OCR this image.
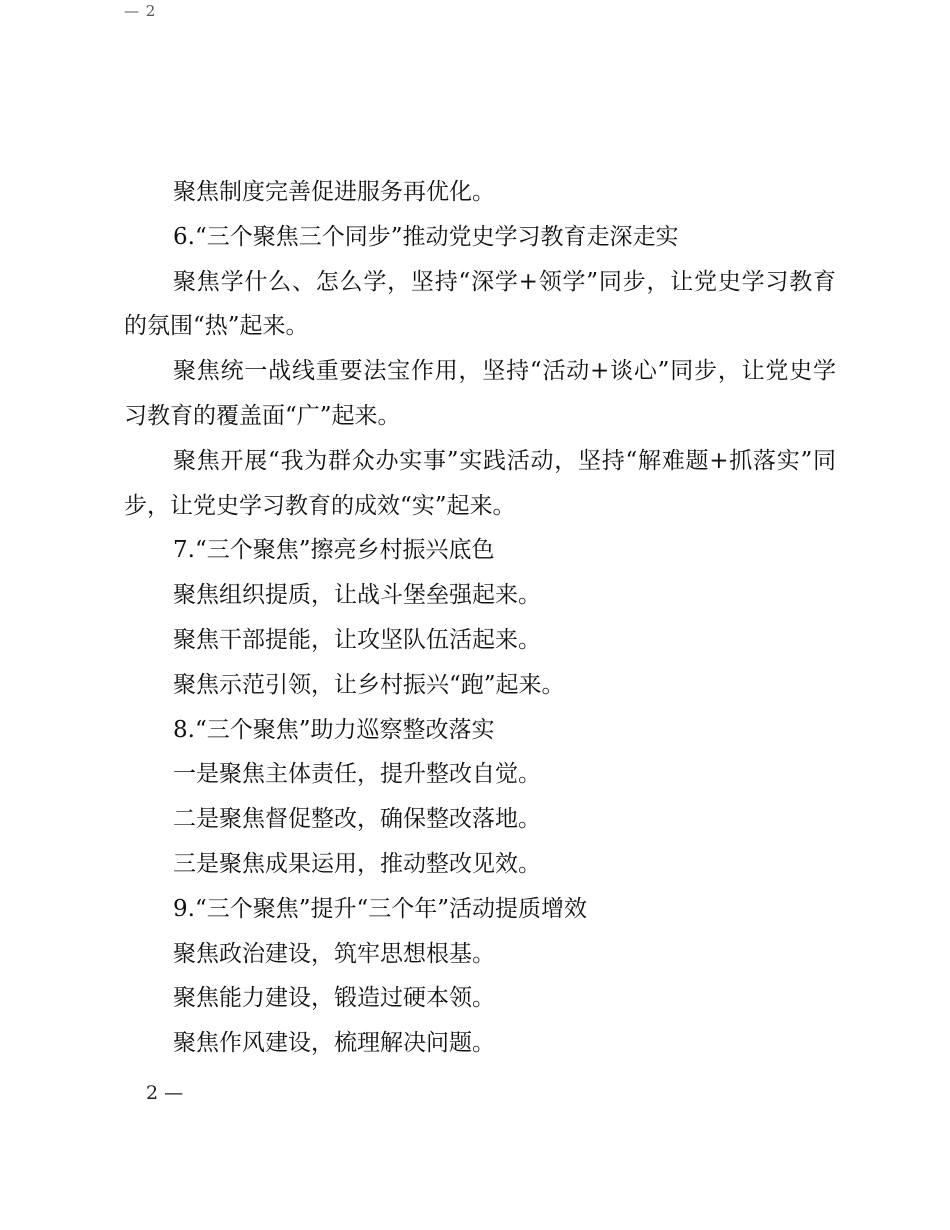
— 2

聚焦制度完善促进服务再优化。

6.“三个聚焦三个同步”推动党史学习教育走深走实

聚焦学什么、怎么学，坚持“深学+领学”同步，让党史学习教育的氛围“热”起来。

聚焦统一战线重要法宝作用，坚持“活动+谈心”同步，让党史学习教育的覆盖面“广”起来。

聚焦开展“我为群众办实事”实践活动，坚持“解难题+抓落实”同步，让党史学习教育的成效“实”起来。

7.“三个聚焦”擦亮乡村振兴底色

聚焦组织提质，让战斗堡垒强起来。

聚焦干部提能，让攻坚队伍活起来。

聚焦示范引领，让乡村振兴“跑”起来。

8.“三个聚焦”助力巡察整改落实

一是聚焦主体责任，提升整改自觉。

二是聚焦督促整改，确保整改落地。

三是聚焦成果运用，推动整改见效。

9.“三个聚焦”提升“三个年”活动提质增效

聚焦政治建设，筑牢思想根基。

聚焦能力建设，锻造过硬本领。

聚焦作风建设，梳理解决问题。

2 —
